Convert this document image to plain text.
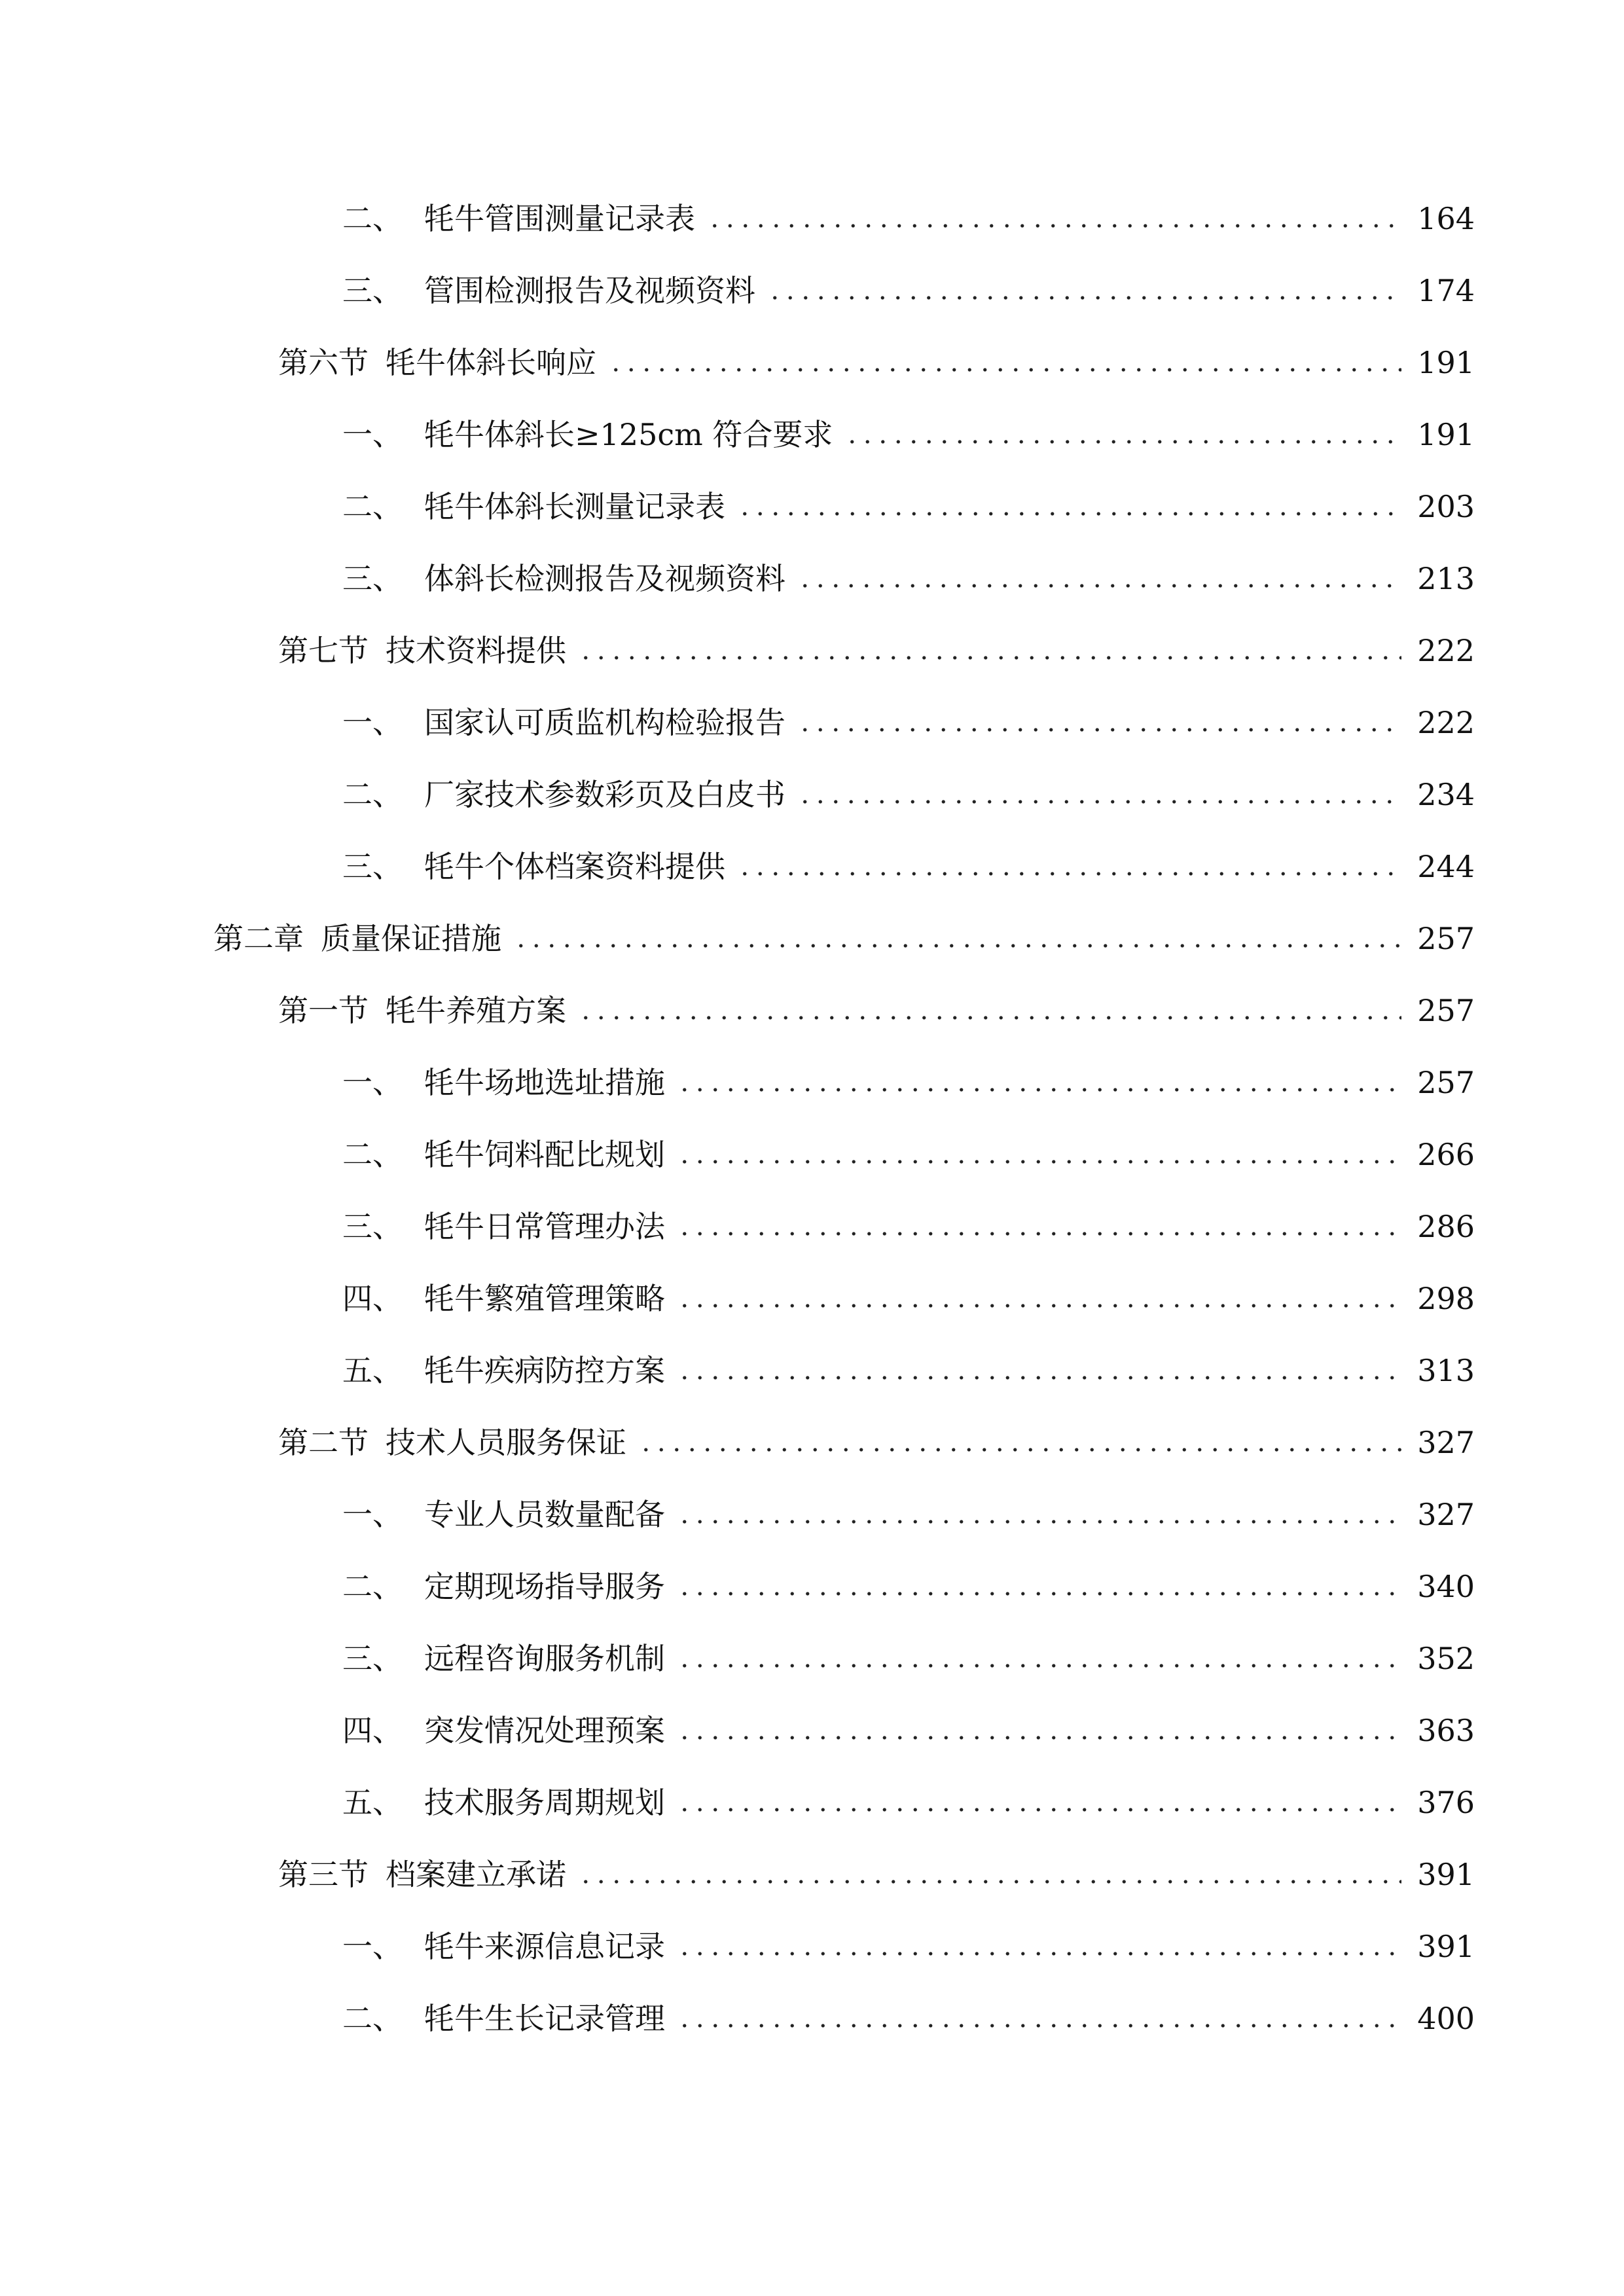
二、 牦牛管围测量记录表	164
三、 管围检测报告及视频资料	174
第六节 牦牛体斜长响应	191
一、 牦牛体斜长≥125cm 符合要求	191
二、 牦牛体斜长测量记录表	203
三、 体斜长检测报告及视频资料	213
第七节 技术资料提供	222
一、 国家认可质监机构检验报告	222
二、 厂家技术参数彩页及白皮书	234
三、 牦牛个体档案资料提供	244
第二章 质量保证措施	257
第一节 牦牛养殖方案	257
一、 牦牛场地选址措施	257
二、 牦牛饲料配比规划	266
三、 牦牛日常管理办法	286
四、 牦牛繁殖管理策略	298
五、 牦牛疾病防控方案	313
第二节 技术人员服务保证	327
一、 专业人员数量配备	327
二、 定期现场指导服务	340
三、 远程咨询服务机制	352
四、 突发情况处理预案	363
五、 技术服务周期规划	376
第三节 档案建立承诺	391
一、 牦牛来源信息记录	391
二、 牦牛生长记录管理	400
